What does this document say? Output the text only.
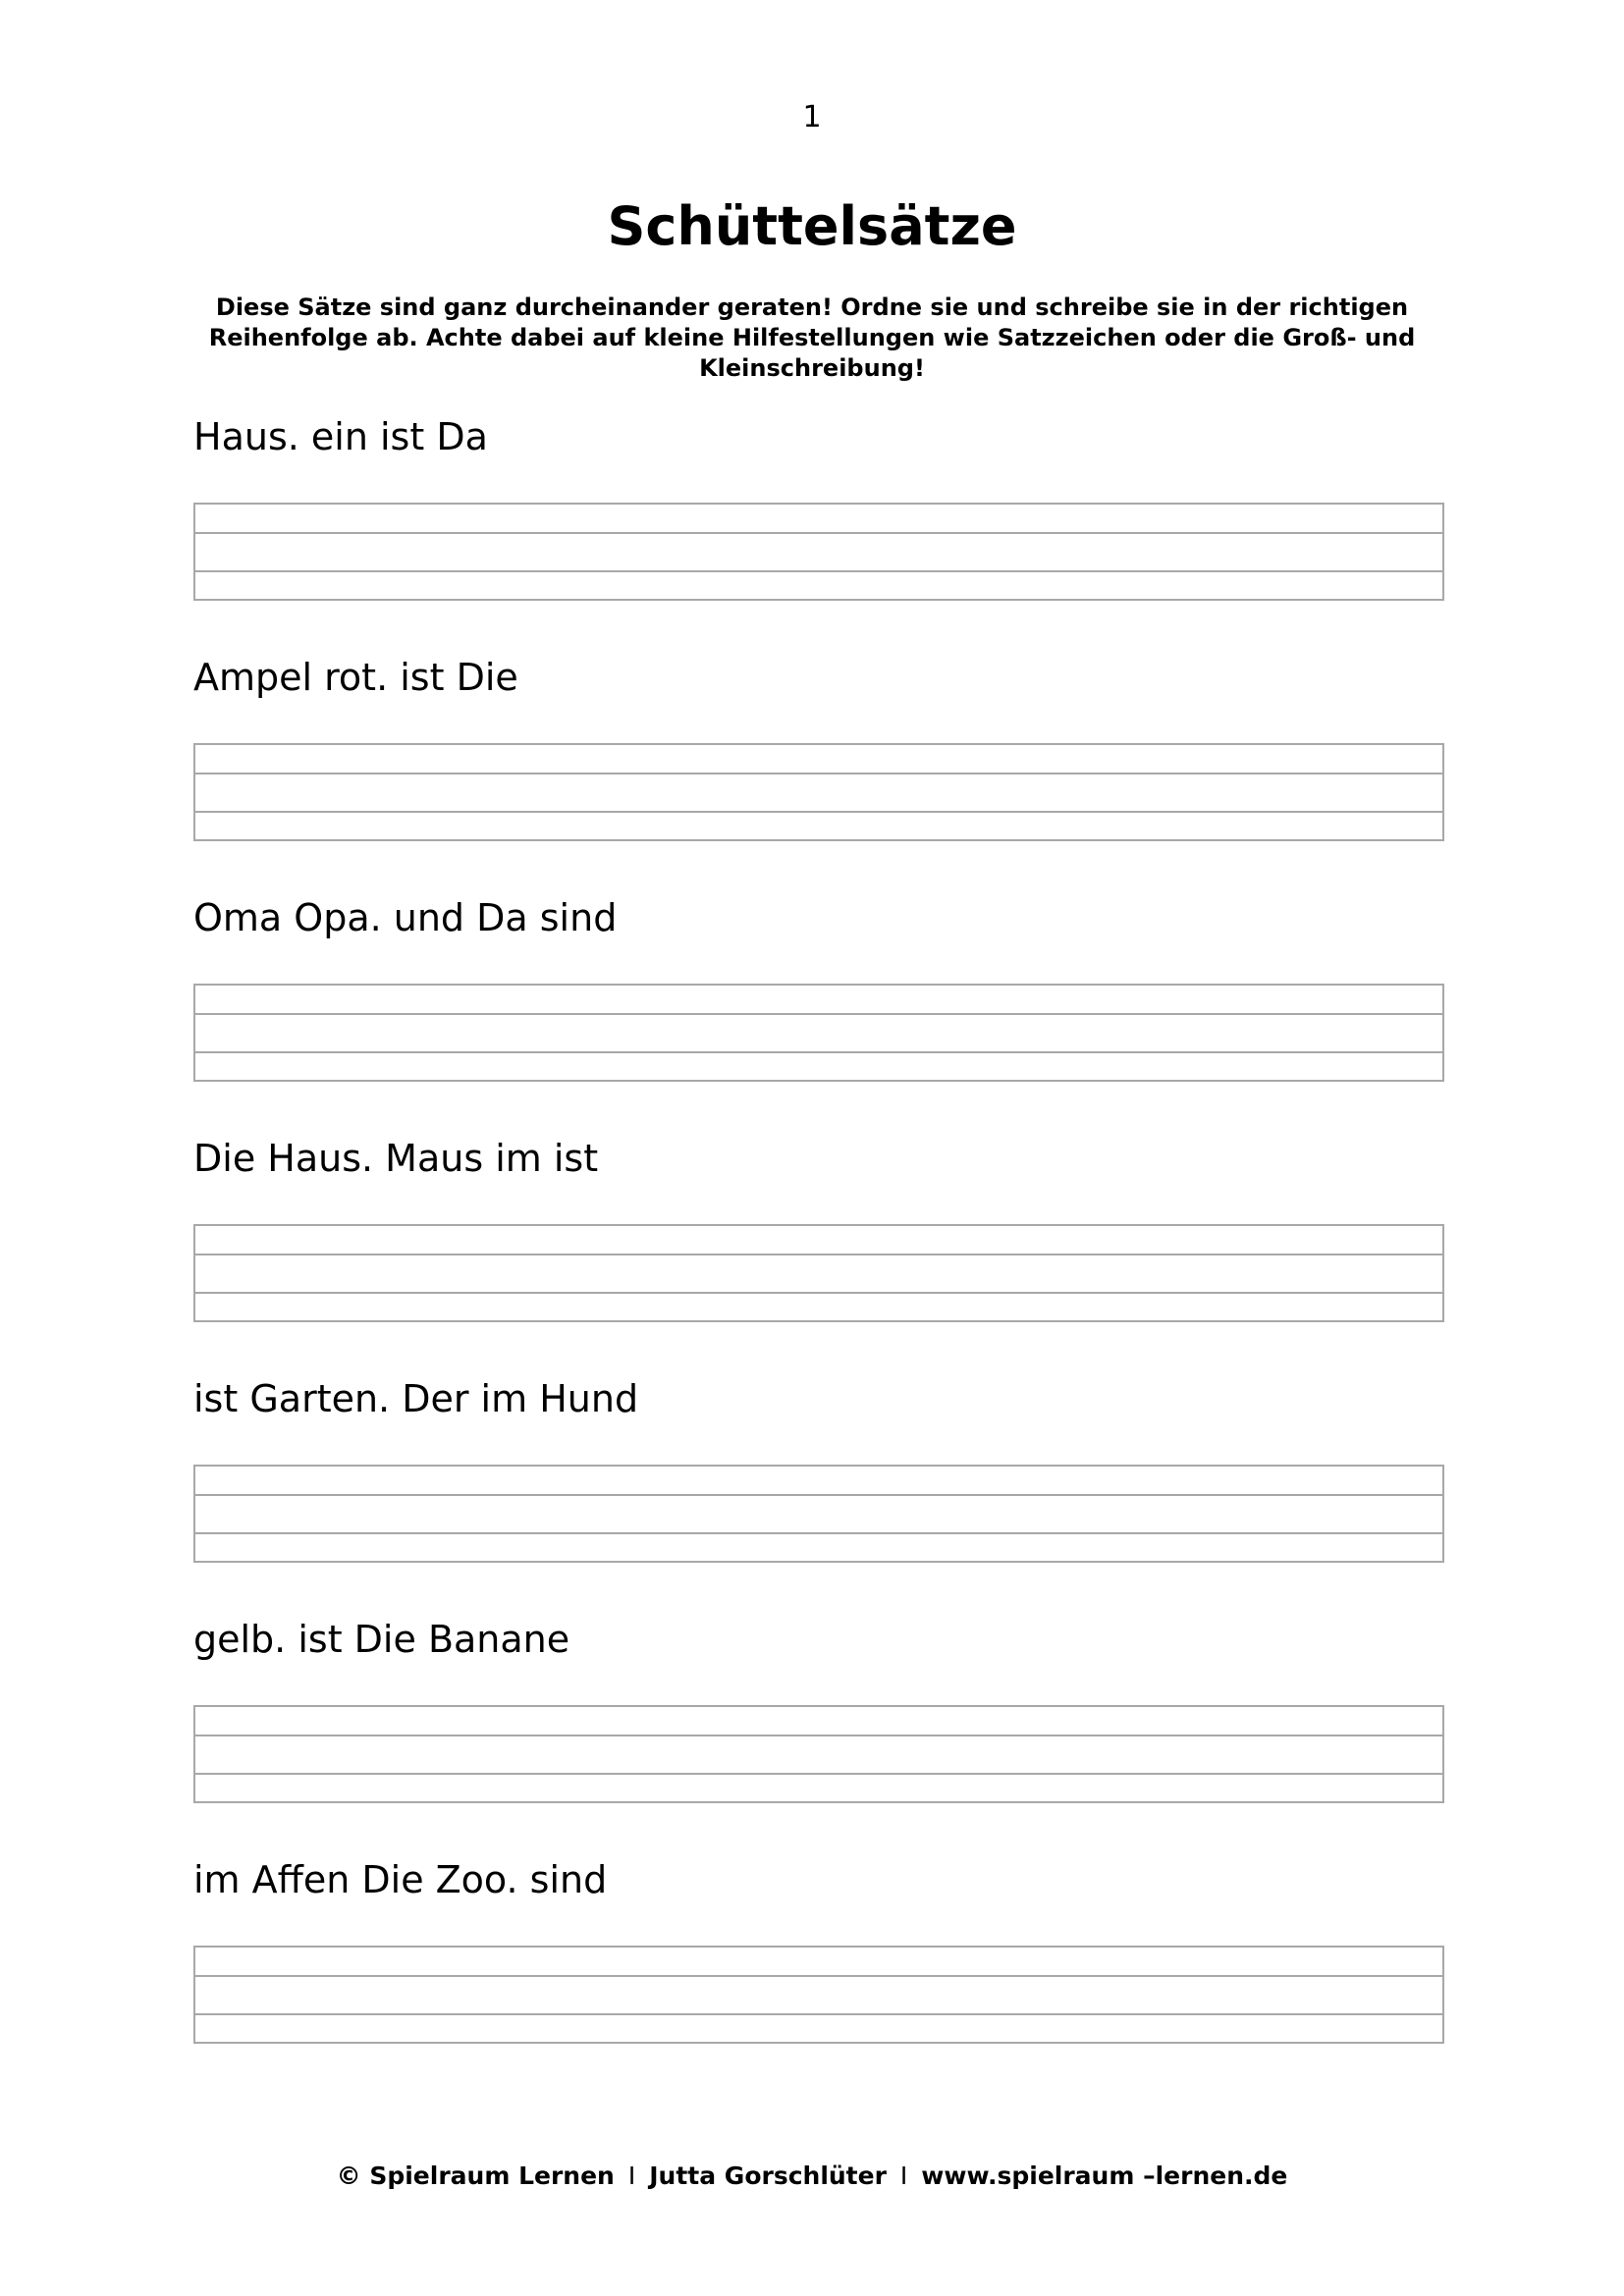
1
Schüttelsätze
Diese Sätze sind ganz durcheinander geraten! Ordne sie und schreibe sie in der richtigen Reihenfolge ab. Achte dabei auf kleine Hilfestellungen wie Satzzeichen oder die Groß- und Kleinschreibung!
Haus. ein ist Da
Ampel rot. ist Die
Oma Opa. und Da sind
Die Haus. Maus im ist
ist Garten. Der im Hund
gelb. ist Die Banane
im Affen Die Zoo. sind
© Spielraum Lernen I Jutta Gorschlüter I www.spielraum –lernen.de
